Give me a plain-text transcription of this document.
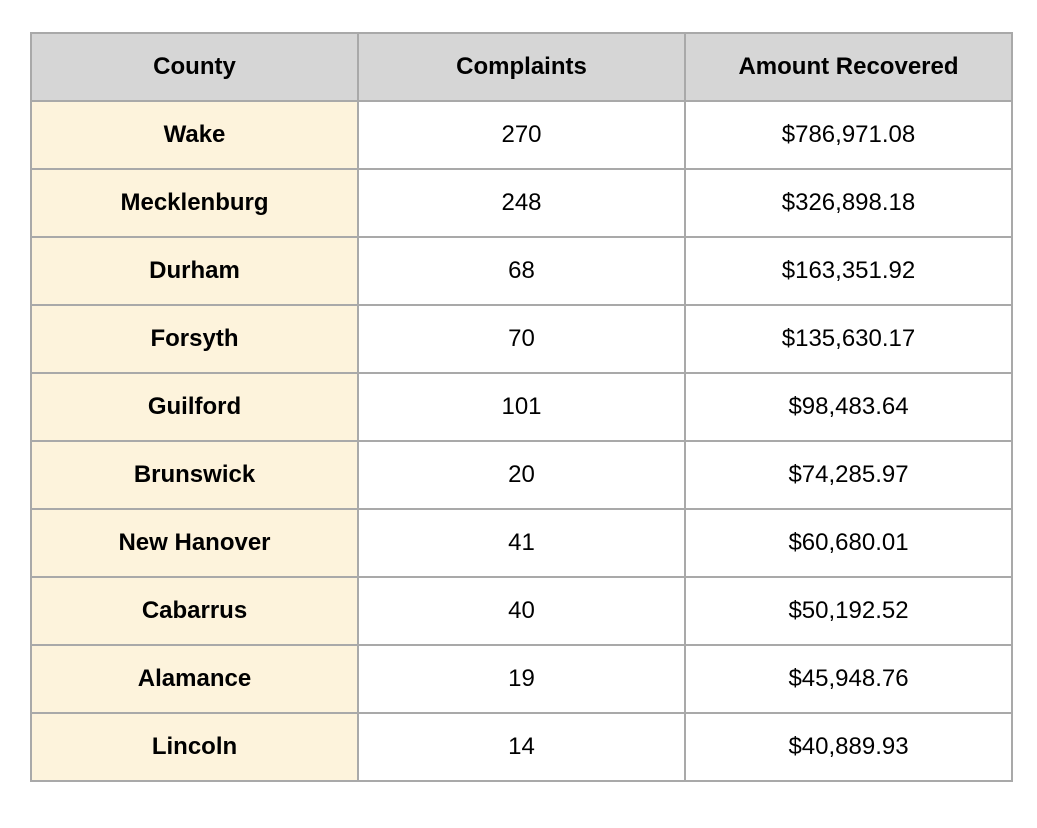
County	Complaints	Amount Recovered
Wake	270	$786,971.08
Mecklenburg	248	$326,898.18
Durham	68	$163,351.92
Forsyth	70	$135,630.17
Guilford	101	$98,483.64
Brunswick	20	$74,285.97
New Hanover	41	$60,680.01
Cabarrus	40	$50,192.52
Alamance	19	$45,948.76
Lincoln	14	$40,889.93
